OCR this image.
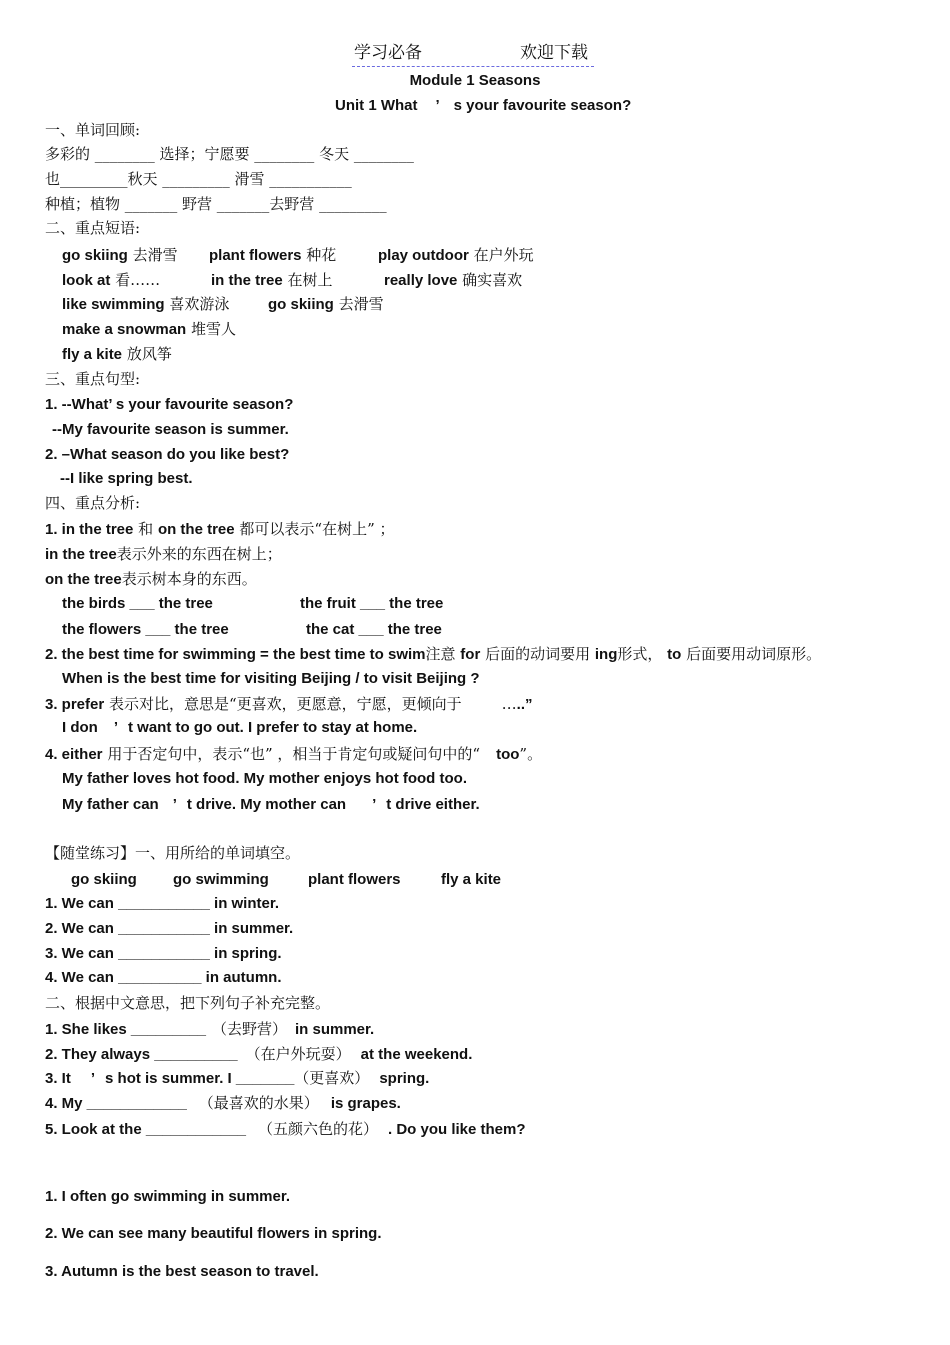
学习必备	欢迎下载
Module 1 Seasons
Unit 1 What ’ s your favourite season?
一、单词回顾:
多彩的 ________ 选择；宁愿要 ________ 冬天 ________
也_________秋天 _________ 滑雪 ___________
种植；植物 _______ 野营 _______去野营 _________
二、重点短语:
go skiing 去滑雪 plant flowers 种花	play outdoor 在户外玩
look at 看……	in the tree 在树上	really love 确实喜欢
like swimming 喜欢游泳	go skiing 去滑雪
make a snowman 堆雪人
fly a kite 放风筝
三、重点句型:
1. --What’ s your favourite season?
--My favourite season is summer.
2. –What season do you like best?
--I like spring best.
四、重点分析:
1. in the tree 和 on the tree 都可以表示“在树上” ；
in the tree表示外来的东西在树上；
on the tree表示树本身的东西。
the birds ___ the tree	the fruit ___ the tree
the flowers ___ the tree	the cat ___ the tree
2. the best time for swimming = the best time to swim注意 for 后面的动词要用 ing形式， to 后面要用动词原形。
When is the best time for visiting Beijing / to visit Beijing ?
3. prefer 表示对比，意思是“更喜欢，更愿意，宁愿，更倾向于	…..”
I don ’ t want to go out. I prefer to stay at home.
4. either 用于否定句中，表示“也” ，相当于肯定句或疑问句中的“ too”。
My father loves hot food. My mother enjoys hot food too.
My father can ’ t drive. My mother can ’ t drive either.
【随堂练习】一、用所给的单词填空。
go skiing go swimming	plant flowers	fly a kite
1. We can ___________ in winter.
2. We can ___________ in summer.
3. We can ___________ in spring.
4. We can __________ in autumn.
二、根据中文意思，把下列句子补充完整。
1. She likes _________ （去野营） in summer.
2. They always __________ （在户外玩耍） at the weekend.
3. It ’ s hot is summer. I _______（更喜欢） spring.
4. My ____________ （最喜欢的水果） is grapes.
5. Look at the ____________ （五颜六色的花） . Do you like them?
1. I often go swimming in summer.
2. We can see many beautiful flowers in spring.
3. Autumn is the best season to travel.
